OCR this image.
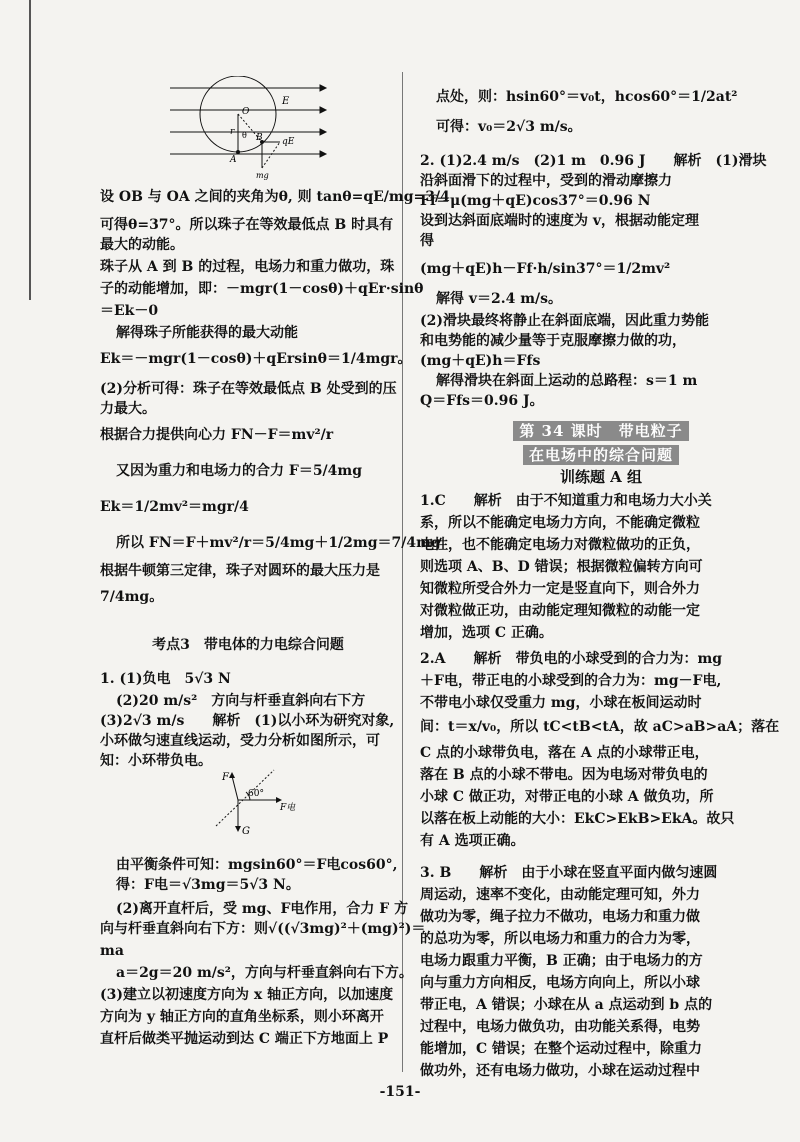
E
O
r θ B qE
A
mg
设 OB 与 OA 之间的夹角为θ, 则 tanθ=qE/mg=3/4
可得θ=37°。所以珠子在等效最低点 B 时具有
最大的动能。
珠子从 A 到 B 的过程，电场力和重力做功，珠
子的动能增加，即：－mgr(1－cosθ)＋qEr·sinθ
＝Ek－0
解得珠子所能获得的最大动能
Ek＝－mgr(1－cosθ)＋qErsinθ＝1/4mgr。
(2)分析可得：珠子在等效最低点 B 处受到的压
力最大。
根据合力提供向心力 FN－F＝mv²/r
又因为重力和电场力的合力 F＝5/4mg
Ek＝1/2mv²＝mgr/4
所以 FN＝F＋mv²/r＝5/4mg＋1/2mg＝7/4mg
根据牛顿第三定律，珠子对圆环的最大压力是
7/4mg。
考点3　带电体的力电综合问题
1. (1)负电　5√3 N
(2)20 m/s²　方向与杆垂直斜向右下方
(3)2√3 m/s　　解析　(1)以小环为研究对象,
小环做匀速直线运动，受力分析如图所示，可
知：小环带负电。
F
60°
F电
G
由平衡条件可知：mgsin60°＝F电cos60°,
得：F电＝√3mg＝5√3 N。
(2)离开直杆后，受 mg、F电作用，合力 F 方
向与杆垂直斜向右下方：则√((√3mg)²＋(mg)²)＝
ma
a＝2g＝20 m/s²，方向与杆垂直斜向右下方。
(3)建立以初速度方向为 x 轴正方向，以加速度
方向为 y 轴正方向的直角坐标系，则小环离开
直杆后做类平抛运动到达 C 端正下方地面上 P
点处，则：hsin60°＝v₀t，hcos60°＝1/2at²
可得：v₀＝2√3 m/s。
2. (1)2.4 m/s　(2)1 m　0.96 J　　解析　(1)滑块
沿斜面滑下的过程中，受到的滑动摩擦力
Ff＝μ(mg＋qE)cos37°＝0.96 N
设到达斜面底端时的速度为 v，根据动能定理
得
(mg＋qE)h－Ff·h/sin37°＝1/2mv²
解得 v＝2.4 m/s。
(2)滑块最终将静止在斜面底端，因此重力势能
和电势能的减少量等于克服摩擦力做的功，
(mg＋qE)h＝Ffs
解得滑块在斜面上运动的总路程：s＝1 m
Q＝Ffs＝0.96 J。
第 34 课时　带电粒子
在电场中的综合问题
训练题 A 组
1.C　　解析　由于不知道重力和电场力大小关
系，所以不能确定电场力方向，不能确定微粒
电性，也不能确定电场力对微粒做功的正负，
则选项 A、B、D 错误；根据微粒偏转方向可
知微粒所受合外力一定是竖直向下，则合外力
对微粒做正功，由动能定理知微粒的动能一定
增加，选项 C 正确。
2.A　　解析　带负电的小球受到的合力为：mg
＋F电，带正电的小球受到的合力为：mg－F电,
不带电小球仅受重力 mg，小球在板间运动时
间：t＝x/v₀，所以 tC<tB<tA，故 aC>aB>aA；落在
C 点的小球带负电，落在 A 点的小球带正电，
落在 B 点的小球不带电。因为电场对带负电的
小球 C 做正功，对带正电的小球 A 做负功，所
以落在板上动能的大小：EkC>EkB>EkA。故只
有 A 选项正确。
3. B　　解析　由于小球在竖直平面内做匀速圆
周运动，速率不变化，由动能定理可知，外力
做功为零，绳子拉力不做功，电场力和重力做
的总功为零，所以电场力和重力的合力为零，
电场力跟重力平衡，B 正确；由于电场力的方
向与重力方向相反，电场方向向上，所以小球
带正电，A 错误；小球在从 a 点运动到 b 点的
过程中，电场力做负功，由功能关系得，电势
能增加，C 错误；在整个运动过程中，除重力
做功外，还有电场力做功，小球在运动过程中
-151-
